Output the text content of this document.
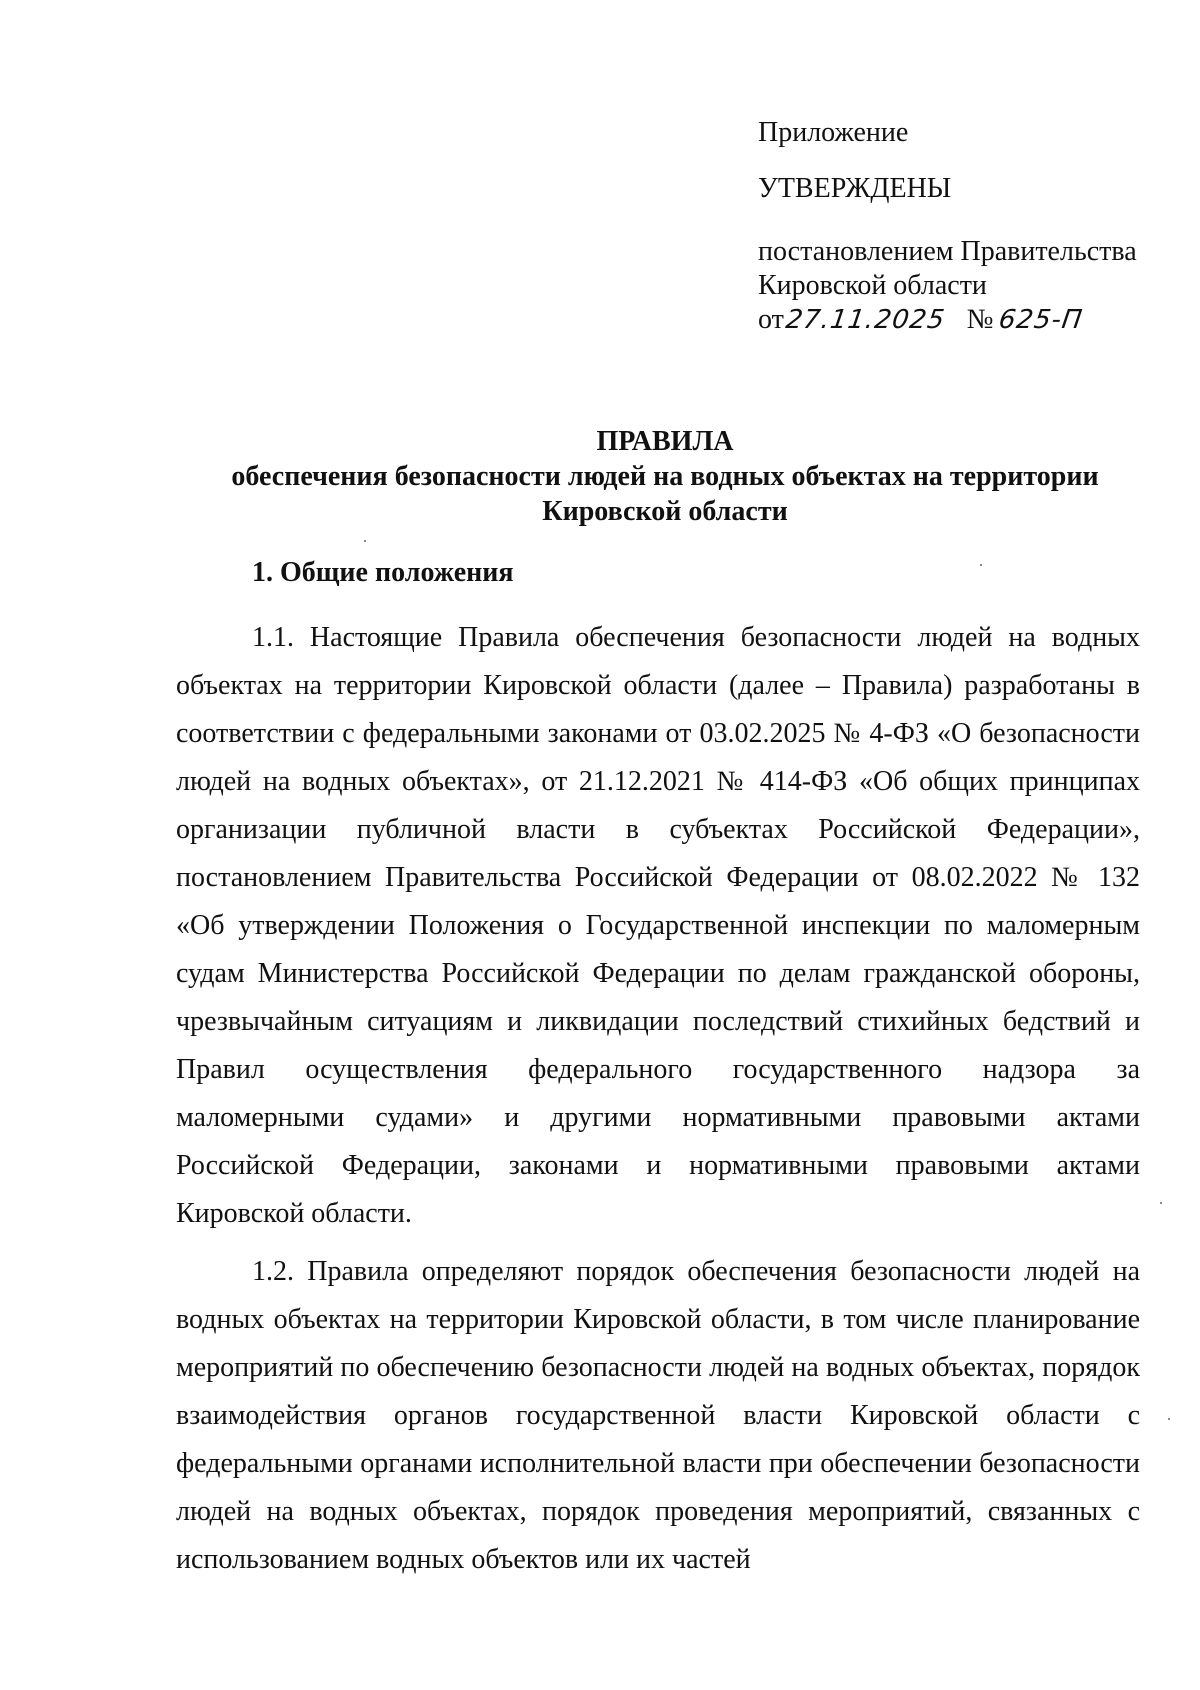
Приложение
УТВЕРЖДЕНЫ
постановлением Правительства
Кировской области
от27.11.2025 № 625-П
ПРАВИЛА
обеспечения безопасности людей на водных объектах на территории
Кировской области
1. Общие положения

1.1. Настоящие Правила обеспечения безопасности людей на водных объектах на территории Кировской области (далее – Правила) разработаны в соответствии с федеральными законами от 03.02.2025 № 4-ФЗ «О безопасности людей на водных объектах», от 21.12.2021 № 414-ФЗ «Об общих принципах организации публичной власти в субъектах Российской Федерации», постановлением Правительства Российской Федерации от 08.02.2022 № 132 «Об утверждении Положения о Государственной инспекции по маломерным судам Министерства Российской Федерации по делам гражданской обороны, чрезвычайным ситуациям и ликвидации последствий стихийных бедствий и Правил осуществления федерального государственного надзора за маломерными судами» и другими нормативными правовыми актами Российской Федерации, законами и нормативными правовыми актами Кировской области.

1.2. Правила определяют порядок обеспечения безопасности людей на водных объектах на территории Кировской области, в том числе планирование мероприятий по обеспечению безопасности людей на водных объектах, порядок взаимодействия органов государственной власти Кировской области с федеральными органами исполнительной власти при обеспечении безопасности людей на водных объектах, порядок проведения мероприятий, связанных с использованием водных объектов или их частей
